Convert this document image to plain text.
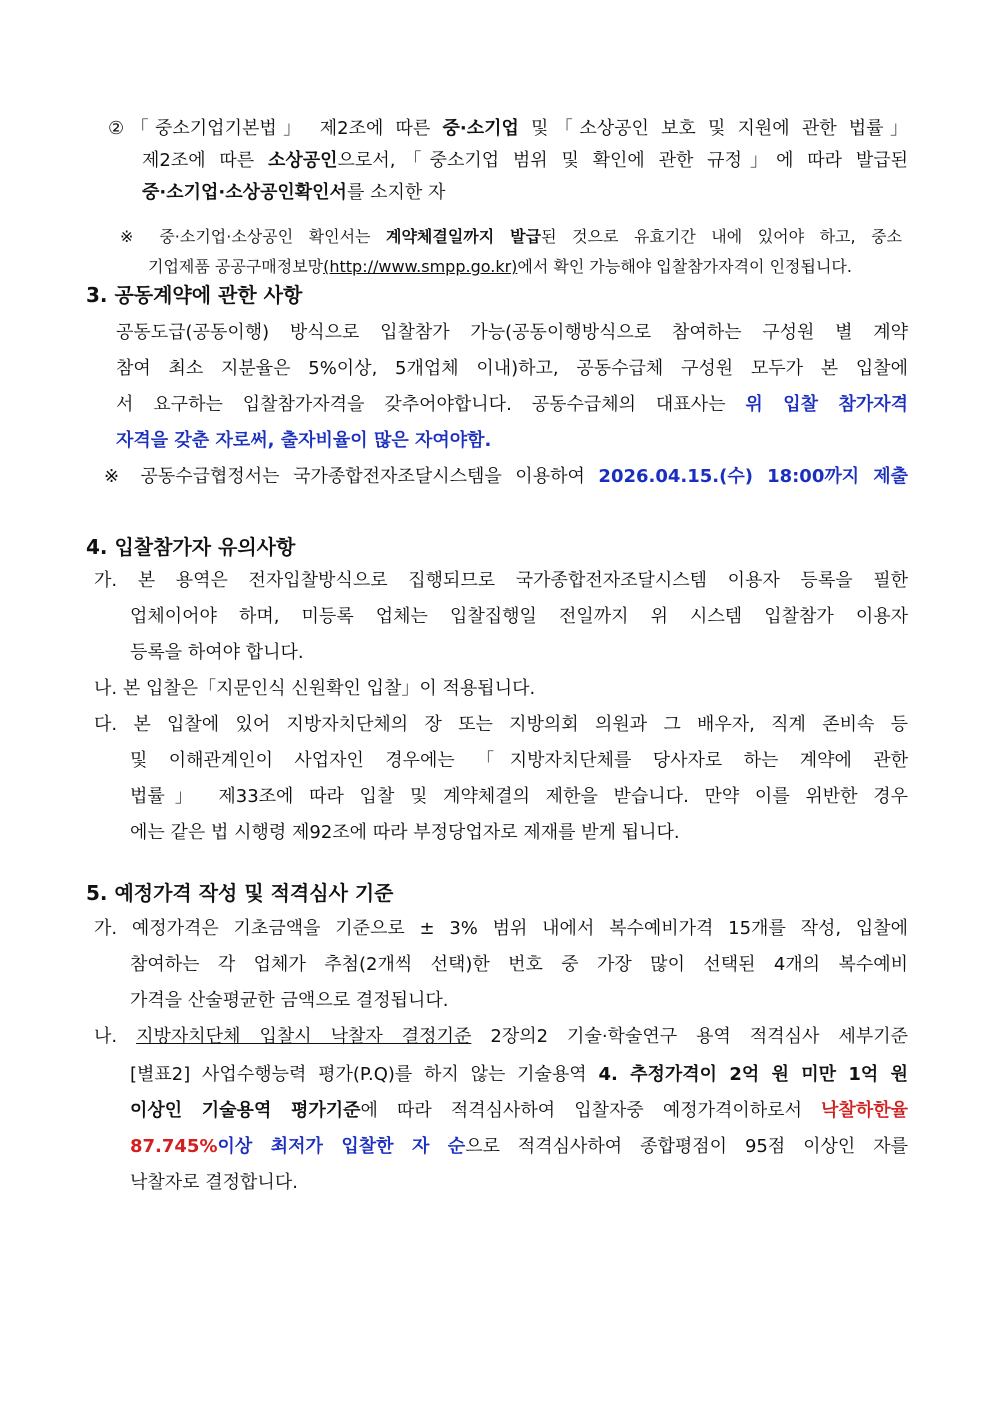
②「중소기업기본법」 제2조에 따른 중·소기업 및「소상공인 보호 및 지원에 관한 법률」
제2조에 따른 소상공인으로서,「중소기업 범위 및 확인에 관한 규정」에 따라 발급된
중·소기업·소상공인확인서를 소지한 자
※ 중·소기업·소상공인 확인서는 계약체결일까지 발급된 것으로 유효기간 내에 있어야 하고, 중소
기업제품 공공구매정보망(http://www.smpp.go.kr)에서 확인 가능해야 입찰참가자격이 인정됩니다.
3. 공동계약에 관한 사항
공동도급(공동이행) 방식으로 입찰참가 가능(공동이행방식으로 참여하는 구성원 별 계약
참여 최소 지분율은 5%이상, 5개업체 이내)하고, 공동수급체 구성원 모두가 본 입찰에
서 요구하는 입찰참가자격을 갖추어야합니다. 공동수급체의 대표사는 위 입찰 참가자격
자격을 갖춘 자로써, 출자비율이 많은 자여야함.
※ 공동수급협정서는 국가종합전자조달시스템을 이용하여 2026.04.15.(수) 18:00까지 제출
4. 입찰참가자 유의사항
가. 본 용역은 전자입찰방식으로 집행되므로 국가종합전자조달시스템 이용자 등록을 필한
업체이어야 하며, 미등록 업체는 입찰집행일 전일까지 위 시스템 입찰참가 이용자
등록을 하여야 합니다.
나. 본 입찰은「지문인식 신원확인 입찰」이 적용됩니다.
다. 본 입찰에 있어 지방자치단체의 장 또는 지방의회 의원과 그 배우자, 직계 존비속 등
및 이해관계인이 사업자인 경우에는 「지방자치단체를 당사자로 하는 계약에 관한
법률」 제33조에 따라 입찰 및 계약체결의 제한을 받습니다. 만약 이를 위반한 경우
에는 같은 법 시행령 제92조에 따라 부정당업자로 제재를 받게 됩니다.
5. 예정가격 작성 및 적격심사 기준
가. 예정가격은 기초금액을 기준으로 ± 3% 범위 내에서 복수예비가격 15개를 작성, 입찰에
참여하는 각 업체가 추첨(2개씩 선택)한 번호 중 가장 많이 선택된 4개의 복수예비
가격을 산술평균한 금액으로 결정됩니다.
나. 지방자치단체 입찰시 낙찰자 결정기준 2장의2 기술·학술연구 용역 적격심사 세부기준
[별표2] 사업수행능력 평가(P.Q)를 하지 않는 기술용역 4. 추정가격이 2억 원 미만 1억 원
이상인 기술용역 평가기준에 따라 적격심사하여 입찰자중 예정가격이하로서 낙찰하한율
87.745%이상 최저가 입찰한 자 순으로 적격심사하여 종합평점이 95점 이상인 자를
낙찰자로 결정합니다.
